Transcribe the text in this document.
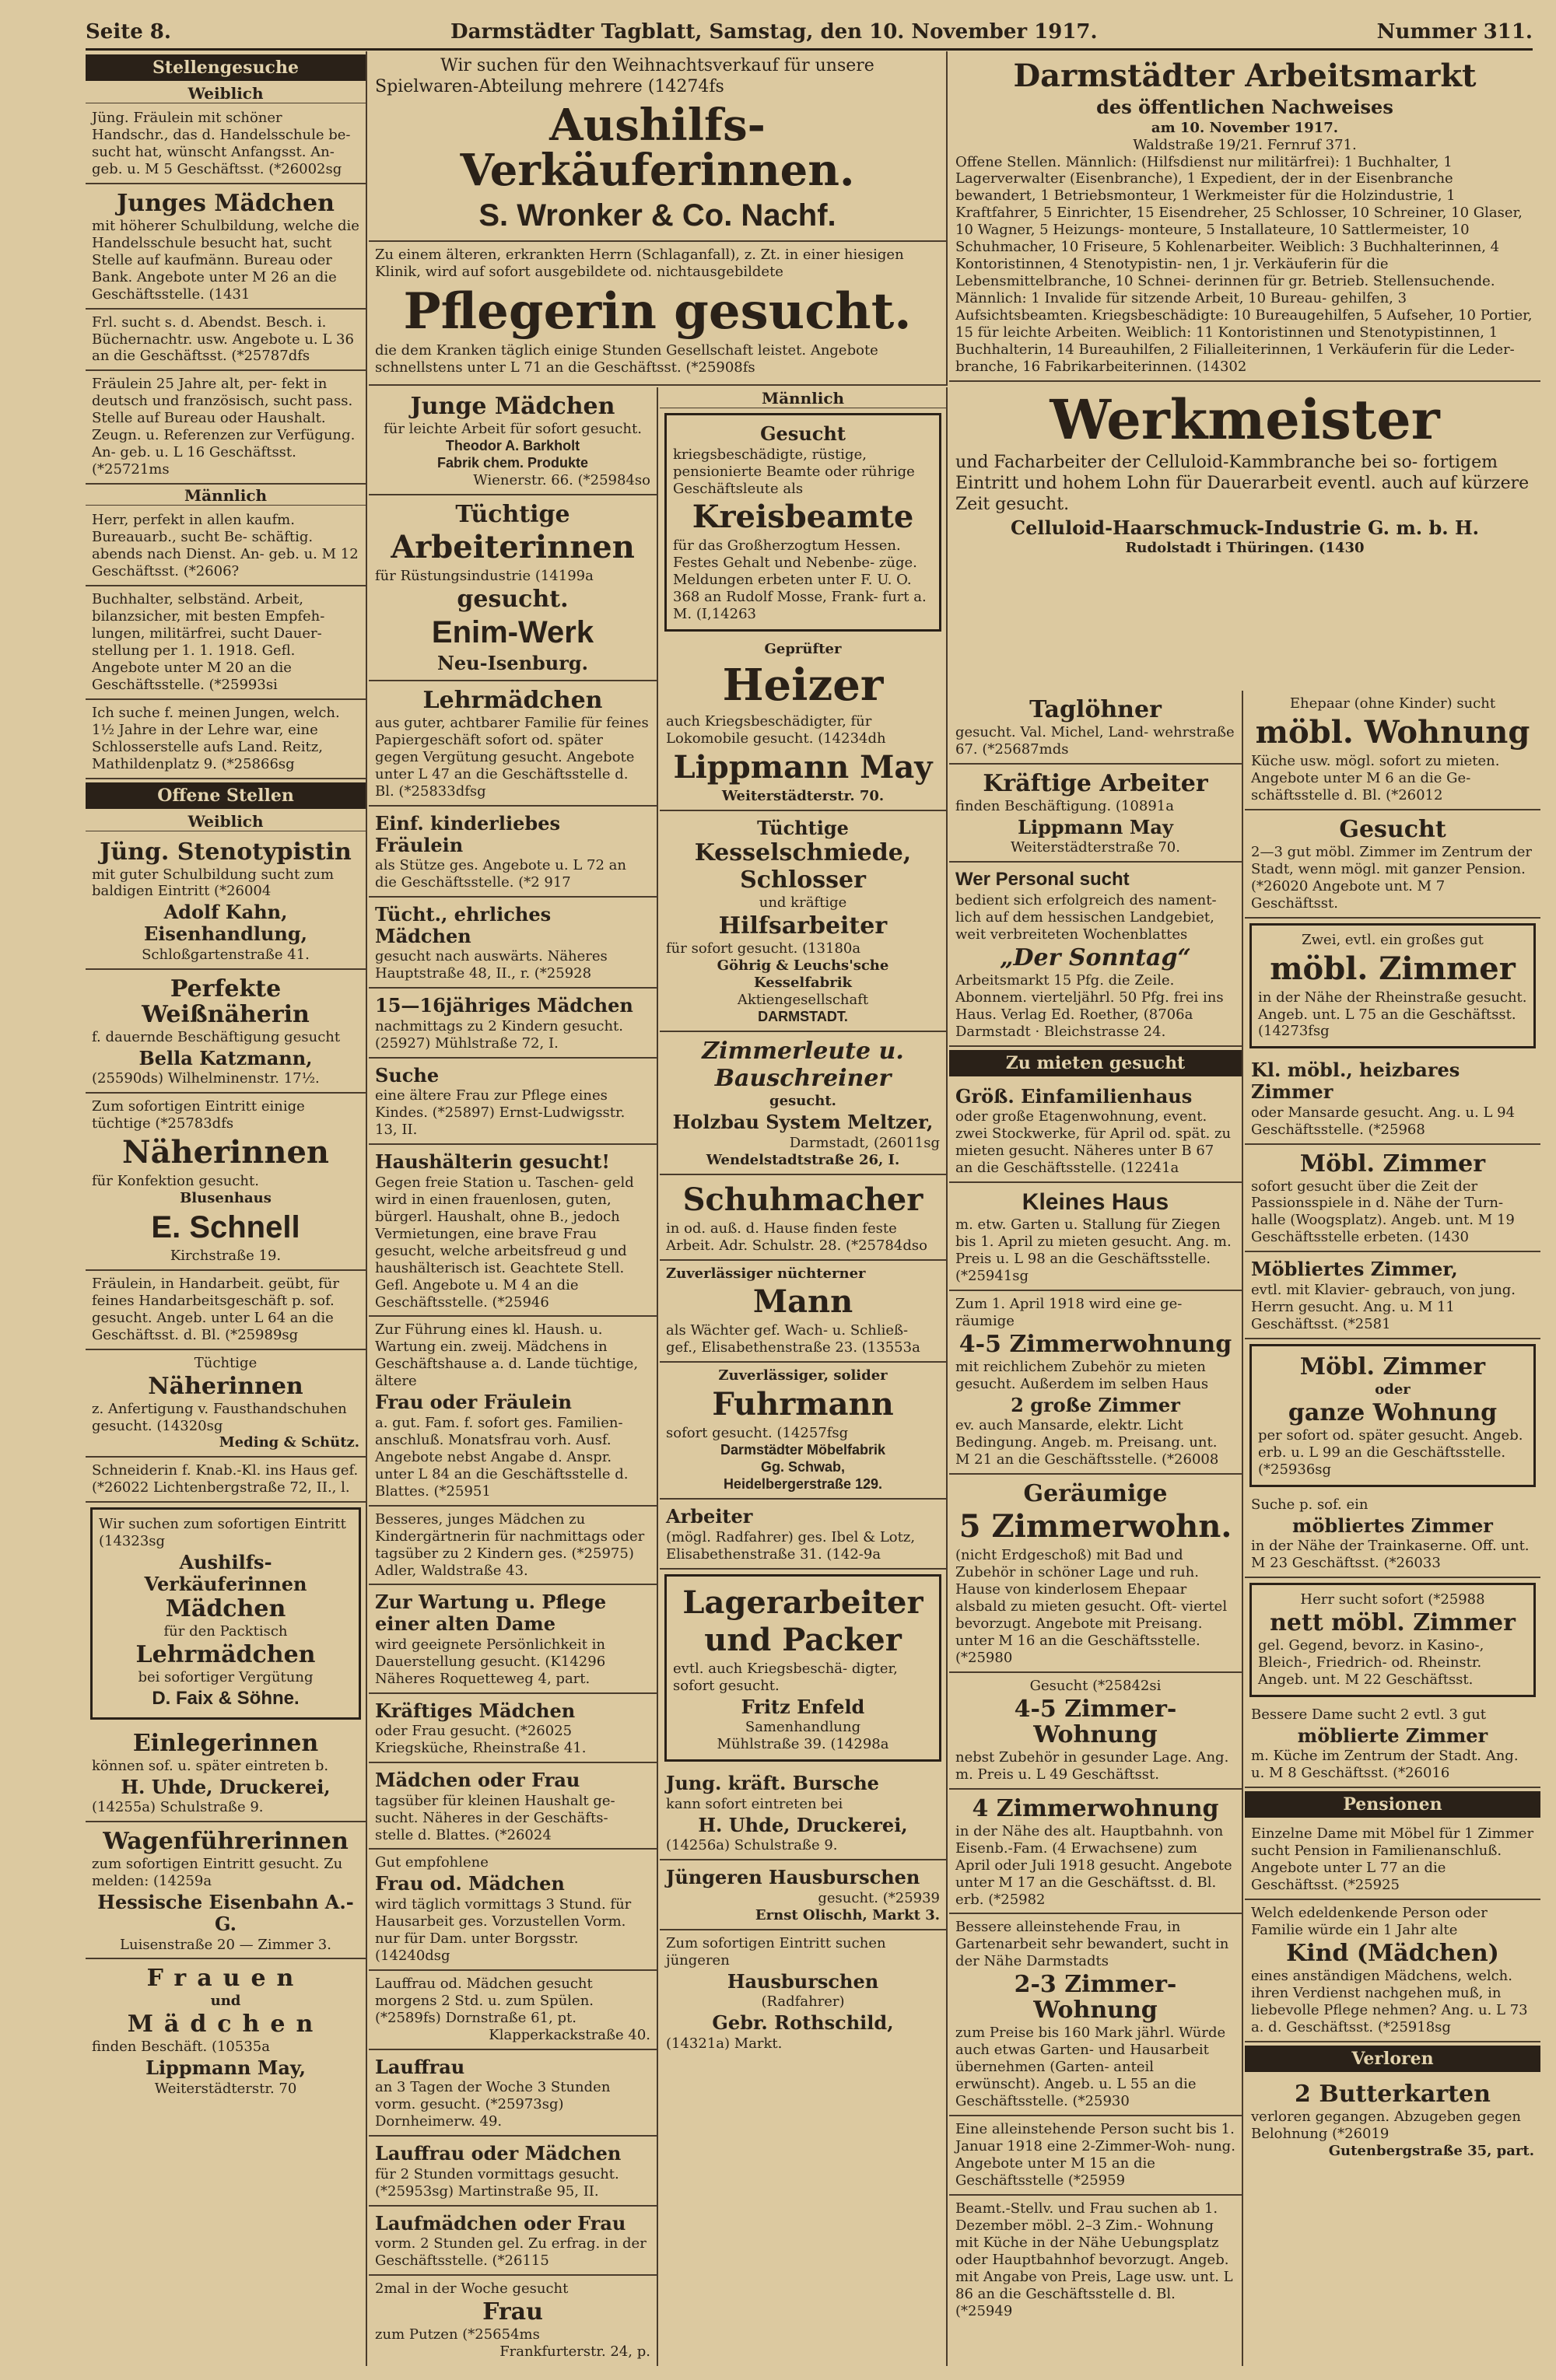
Seite 8.	Darmstädter Tagblatt, Samstag, den 10. November 1917.	Nummer 311.
Stellengesuche
Weiblich

Jüng. Fräulein mit schöner Handschr., das d. Handelsschule be- sucht hat, wünscht Anfangsst. An- geb. u. M 5 Geschäftsst. (*26002sg

Junges Mädchen

mit höherer Schulbildung, welche die Handelsschule besucht hat, sucht Stelle auf kaufmänn. Bureau oder Bank. Angebote unter M 26 an die Geschäftsstelle. (1431

Frl. sucht s. d. Abendst. Besch. i. Büchernachtr. usw. Angebote u. L 36 an die Geschäftsst. (*25787dfs

Fräulein 25 Jahre alt, per- fekt in deutsch und französisch, sucht pass. Stelle auf Bureau oder Haushalt. Zeugn. u. Referenzen zur Verfügung. An- geb. u. L 16 Geschäftsst. (*25721ms

Männlich

Herr, perfekt in allen kaufm. Bureauarb., sucht Be- schäftig. abends nach Dienst. An- geb. u. M 12 Geschäftsst. (*2606?

Buchhalter, selbständ. Arbeit, bilanzsicher, mit besten Empfeh- lungen, militärfrei, sucht Dauer- stellung per 1. 1. 1918. Gefl. Angebote unter M 20 an die Geschäftsstelle. (*25993si

Ich suche f. meinen Jungen, welch. 1½ Jahre in der Lehre war, eine Schlosserstelle aufs Land. Reitz, Mathildenplatz 9. (*25866sg

Offene Stellen
Weiblich
Jüng. Stenotypistin

mit guter Schulbildung sucht zum baldigen Eintritt (*26004

Adolf Kahn, Eisenhandlung,

Schloßgartenstraße 41.

Perfekte Weißnäherin

f. dauernde Beschäftigung gesucht

Bella Katzmann,

(25590ds) Wilhelminenstr. 17½.

Zum sofortigen Eintritt einige tüchtige (*25783dfs

Näherinnen

für Konfektion gesucht.

Blusenhaus

E. Schnell

Kirchstraße 19.

Fräulein, in Handarbeit. geübt, für feines Handarbeitsgeschäft p. sof. gesucht. Angeb. unter L 64 an die Geschäftsst. d. Bl. (*25989sg

Tüchtige

Näherinnen

z. Anfertigung v. Fausthandschuhen gesucht. (14320sg

Meding & Schütz.

Schneiderin f. Knab.-Kl. ins Haus gef. (*26022 Lichtenbergstraße 72, II., l.

Wir suchen zum sofortigen Eintritt (14323sg

Aushilfs- Verkäuferinnen
Mädchen

für den Packtisch

Lehrmädchen

bei sofortiger Vergütung

D. Faix & Söhne.
Einlegerinnen

können sof. u. später eintreten b.

H. Uhde, Druckerei,

(14255a) Schulstraße 9.

Wagenführerinnen

zum sofortigen Eintritt gesucht. Zu melden: (14259a

Hessische Eisenbahn A.-G.

Luisenstraße 20 — Zimmer 3.

Frauen

und

Mädchen

finden Beschäft. (10535a

Lippmann May,

Weiterstädterstr. 70

Wir suchen für den Weihnachtsverkauf für unsere

Spielwaren-Abteilung mehrere (14274fs

Aushilfs-Verkäuferinnen.
S. Wronker & Co. Nachf.

Zu einem älteren, erkrankten Herrn (Schlaganfall), z. Zt. in einer hiesigen Klinik, wird auf sofort ausgebildete od. nichtausgebildete

Pflegerin gesucht.

die dem Kranken täglich einige Stunden Gesellschaft leistet. Angebote schnellstens unter L 71 an die Geschäftsst. (*25908fs

Junge Mädchen

für leichte Arbeit für sofort gesucht.

Theodor A. Barkholt

Fabrik chem. Produkte

Wienerstr. 66. (*25984so

Tüchtige
Arbeiterinnen

für Rüstungsindustrie (14199a

gesucht.
Enim-Werk
Neu-Isenburg.
Lehrmädchen

aus guter, achtbarer Familie für feines Papiergeschäft sofort od. später gegen Vergütung gesucht. Angebote unter L 47 an die Geschäftsstelle d. Bl. (*25833dfsg

Einf. kinderliebes Fräulein

als Stütze ges. Angebote u. L 72 an die Geschäftsstelle. (*2 917

Tücht., ehrliches Mädchen

gesucht nach auswärts. Näheres Hauptstraße 48, II., r. (*25928

15—16jähriges Mädchen

nachmittags zu 2 Kindern gesucht. (25927) Mühlstraße 72, I.

Suche

eine ältere Frau zur Pflege eines Kindes. (*25897) Ernst-Ludwigsstr. 13, II.

Haushälterin gesucht!

Gegen freie Station u. Taschen- geld wird in einen frauenlosen, guten, bürgerl. Haushalt, ohne B., jedoch Vermietungen, eine brave Frau gesucht, welche arbeitsfreud g und haushälterisch ist. Geachtete Stell. Gefl. Angebote u. M 4 an die Geschäftsstelle. (*25946

Zur Führung eines kl. Haush. u. Wartung ein. zweij. Mädchens in Geschäftshause a. d. Lande tüchtige, ältere

Frau oder Fräulein

a. gut. Fam. f. sofort ges. Familien- anschluß. Monatsfrau vorh. Ausf. Angebote nebst Angabe d. Anspr. unter L 84 an die Geschäftsstelle d. Blattes. (*25951

Besseres, junges Mädchen zu Kindergärtnerin für nachmittags oder tagsüber zu 2 Kindern ges. (*25975) Adler, Waldstraße 43.

Zur Wartung u. Pflege einer alten Dame

wird geeignete Persönlichkeit in Dauerstellung gesucht. (K14296 Näheres Roquetteweg 4, part.

Kräftiges Mädchen

oder Frau gesucht. (*26025 Kriegsküche, Rheinstraße 41.

Mädchen oder Frau

tagsüber für kleinen Haushalt ge- sucht. Näheres in der Geschäfts- stelle d. Blattes. (*26024

Gut empfohlene

Frau od. Mädchen

wird täglich vormittags 3 Stund. für Hausarbeit ges. Vorzustellen Vorm. nur für Dam. unter Borgsstr. (14240dsg

Lauffrau od. Mädchen gesucht morgens 2 Std. u. zum Spülen. (*2589fs) Dornstraße 61, pt.

Klapperkackstraße 40.

Lauffrau

an 3 Tagen der Woche 3 Stunden vorm. gesucht. (*25973sg) Dornheimerw. 49.

Lauffrau oder Mädchen

für 2 Stunden vormittags gesucht. (*25953sg) Martinstraße 95, II.

Laufmädchen oder Frau

vorm. 2 Stunden gel. Zu erfrag. in der Geschäftsstelle. (*26115

2mal in der Woche gesucht

Frau

zum Putzen (*25654ms

Frankfurterstr. 24, p.

Männlich
Gesucht

kriegsbeschädigte, rüstige, pensionierte Beamte oder rührige Geschäftsleute als

Kreisbeamte

für das Großherzogtum Hessen. Festes Gehalt und Nebenbe- züge. Meldungen erbeten unter F. U. O. 368 an Rudolf Mosse, Frank- furt a. M. (I,14263

Geprüfter

Heizer

auch Kriegsbeschädigter, für Lokomobile gesucht. (14234dh

Lippmann May

Weiterstädterstr. 70.

Tüchtige
Kesselschmiede,
Schlosser

und kräftige

Hilfsarbeiter

für sofort gesucht. (13180a

Göhrig & Leuchs'sche Kesselfabrik

Aktiengesellschaft

DARMSTADT.

Zimmerleute u.
Bauschreiner

gesucht.

Holzbau System Meltzer,

Darmstadt, (26011sg

Wendelstadtstraße 26, I.

Schuhmacher

in od. auß. d. Hause finden feste Arbeit. Adr. Schulstr. 28. (*25784dso

Zuverlässiger nüchterner

Mann

als Wächter gef. Wach- u. Schließ- gef., Elisabethenstraße 23. (13553a

Zuverlässiger, solider

Fuhrmann

sofort gesucht. (14257fsg

Darmstädter Möbelfabrik

Gg. Schwab,

Heidelbergerstraße 129.

Arbeiter

(mögl. Radfahrer) ges. Ibel & Lotz, Elisabethenstraße 31. (142-9a

Lagerarbeiter
und Packer

evtl. auch Kriegsbeschä- digter, sofort gesucht.

Fritz Enfeld

Samenhandlung

Mühlstraße 39. (14298a

Jung. kräft. Bursche

kann sofort eintreten bei

H. Uhde, Druckerei,

(14256a) Schulstraße 9.

Jüngeren Hausburschen

gesucht. (*25939

Ernst Olischh, Markt 3.

Zum sofortigen Eintritt suchen jüngeren

Hausburschen

(Radfahrer)

Gebr. Rothschild,

(14321a) Markt.

Darmstädter Arbeitsmarkt
des öffentlichen Nachweises

am 10. November 1917.

Waldstraße 19/21. Fernruf 371.

Offene Stellen. Männlich: (Hilfsdienst nur militärfrei): 1 Buchhalter, 1 Lagerverwalter (Eisenbranche), 1 Expedient, der in der Eisenbranche bewandert, 1 Betriebsmonteur, 1 Werkmeister für die Holzindustrie, 1 Kraftfahrer, 5 Einrichter, 15 Eisendreher, 25 Schlosser, 10 Schreiner, 10 Glaser, 10 Wagner, 5 Heizungs- monteure, 5 Installateure, 10 Sattlermeister, 10 Schuhmacher, 10 Friseure, 5 Kohlenarbeiter. Weiblich: 3 Buchhalterinnen, 4 Kontoristinnen, 4 Stenotypistin- nen, 1 jr. Verkäuferin für die Lebensmittelbranche, 10 Schnei- derinnen für gr. Betrieb. Stellensuchende. Männlich: 1 Invalide für sitzende Arbeit, 10 Bureau- gehilfen, 3 Aufsichtsbeamten. Kriegsbeschädigte: 10 Bureaugehilfen, 5 Aufseher, 10 Portier, 15 für leichte Arbeiten. Weiblich: 11 Kontoristinnen und Stenotypistinnen, 1 Buchhalterin, 14 Bureauhilfen, 2 Filialleiterinnen, 1 Verkäuferin für die Leder- branche, 16 Fabrikarbeiterinnen. (14302

Werkmeister

und Facharbeiter der Celluloid-Kammbranche bei so- fortigem Eintritt und hohem Lohn für Dauerarbeit eventl. auch auf kürzere Zeit gesucht.

Celluloid-Haarschmuck-Industrie G. m. b. H.

Rudolstadt i Thüringen. (1430

Taglöhner

gesucht. Val. Michel, Land- wehrstraße 67. (*25687mds

Kräftige Arbeiter

finden Beschäftigung. (10891a

Lippmann May

Weiterstädterstraße 70.

Wer Personal sucht

bedient sich erfolgreich des nament- lich auf dem hessischen Landgebiet, weit verbreiteten Wochenblattes

„Der Sonntag“

Arbeitsmarkt 15 Pfg. die Zeile. Abonnem. vierteljährl. 50 Pfg. frei ins Haus. Verlag Ed. Roether, (8706a Darmstadt · Bleichstrasse 24.

Zu mieten gesucht
Größ. Einfamilienhaus

oder große Etagenwohnung, event. zwei Stockwerke, für April od. spät. zu mieten gesucht. Näheres unter B 67 an die Geschäftsstelle. (12241a

Kleines Haus

m. etw. Garten u. Stallung für Ziegen bis 1. April zu mieten gesucht. Ang. m. Preis u. L 98 an die Geschäftsstelle. (*25941sg

Zum 1. April 1918 wird eine ge- räumige

4-5 Zimmerwohnung

mit reichlichem Zubehör zu mieten gesucht. Außerdem im selben Haus

2 große Zimmer

ev. auch Mansarde, elektr. Licht Bedingung. Angeb. m. Preisang. unt. M 21 an die Geschäftsstelle. (*26008

Geräumige
5 Zimmerwohn.

(nicht Erdgeschoß) mit Bad und Zubehör in schöner Lage und ruh. Hause von kinderlosem Ehepaar alsbald zu mieten gesucht. Oft- viertel bevorzugt. Angebote mit Preisang. unter M 16 an die Geschäftsstelle. (*25980

Gesucht (*25842si

4-5 Zimmer-Wohnung

nebst Zubehör in gesunder Lage. Ang. m. Preis u. L 49 Geschäftsst.

4 Zimmerwohnung

in der Nähe des alt. Hauptbahnh. von Eisenb.-Fam. (4 Erwachsene) zum April oder Juli 1918 gesucht. Angebote unter M 17 an die Geschäftsst. d. Bl. erb. (*25982

Bessere alleinstehende Frau, in Gartenarbeit sehr bewandert, sucht in der Nähe Darmstadts

2-3 Zimmer-Wohnung

zum Preise bis 160 Mark jährl. Würde auch etwas Garten- und Hausarbeit übernehmen (Garten- anteil erwünscht). Angeb. u. L 55 an die Geschäftsstelle. (*25930

Eine alleinstehende Person sucht bis 1. Januar 1918 eine 2-Zimmer-Woh- nung. Angebote unter M 15 an die Geschäftsstelle (*25959

Beamt.-Stellv. und Frau suchen ab 1. Dezember möbl. 2–3 Zim.- Wohnung mit Küche in der Nähe Uebungsplatz oder Hauptbahnhof bevorzugt. Angeb. mit Angabe von Preis, Lage usw. unt. L 86 an die Geschäftsstelle d. Bl. (*25949

Ehepaar (ohne Kinder) sucht

möbl. Wohnung

Küche usw. mögl. sofort zu mieten. Angebote unter M 6 an die Ge- schäftsstelle d. Bl. (*26012

Gesucht

2—3 gut möbl. Zimmer im Zentrum der Stadt, wenn mögl. mit ganzer Pension. (*26020 Angebote unt. M 7 Geschäftsst.

Zwei, evtl. ein großes gut

möbl. Zimmer

in der Nähe der Rheinstraße gesucht. Angeb. unt. L 75 an die Geschäftsst. (14273fsg

Kl. möbl., heizbares Zimmer

oder Mansarde gesucht. Ang. u. L 94 Geschäftsstelle. (*25968

Möbl. Zimmer

sofort gesucht über die Zeit der Passionsspiele in d. Nähe der Turn- halle (Woogsplatz). Angeb. unt. M 19 Geschäftsstelle erbeten. (1430

Möbliertes Zimmer,

evtl. mit Klavier- gebrauch, von jung. Herrn gesucht. Ang. u. M 11 Geschäftsst. (*2581

Möbl. Zimmer

oder

ganze Wohnung

per sofort od. später gesucht. Angeb. erb. u. L 99 an die Geschäftsstelle. (*25936sg

Suche p. sof. ein

möbliertes Zimmer

in der Nähe der Trainkaserne. Off. unt. M 23 Geschäftsst. (*26033

Herr sucht sofort (*25988

nett möbl. Zimmer

gel. Gegend, bevorz. in Kasino-, Bleich-, Friedrich- od. Rheinstr. Angeb. unt. M 22 Geschäftsst.

Bessere Dame sucht 2 evtl. 3 gut

möblierte Zimmer

m. Küche im Zentrum der Stadt. Ang. u. M 8 Geschäftsst. (*26016

Pensionen

Einzelne Dame mit Möbel für 1 Zimmer sucht Pension in Familienanschluß. Angebote unter L 77 an die Geschäftsst. (*25925

Welch edeldenkende Person oder Familie würde ein 1 Jahr alte

Kind (Mädchen)

eines anständigen Mädchens, welch. ihren Verdienst nachgehen muß, in liebevolle Pflege nehmen? Ang. u. L 73 a. d. Geschäftsst. (*25918sg

Verloren
2 Butterkarten

verloren gegangen. Abzugeben gegen Belohnung (*26019

Gutenbergstraße 35, part.
